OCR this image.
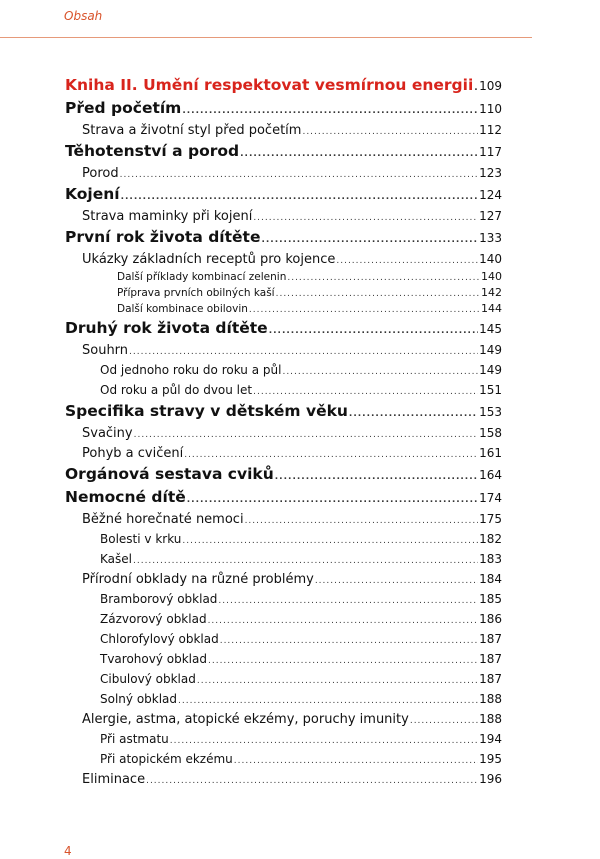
Obsah
Kniha II. Umění respektovat vesmírnou energii ..... 109
Před početím .....	110
Strava a životní styl před početím .....	112
Těhotenství a porod .....	117
Porod .....	123
Kojení .....	124
Strava maminky při kojení .....	127
První rok života dítěte .....	133
Ukázky základních receptů pro kojence .....	140
Další příklady kombinací zelenin .....	140
Příprava prvních obilných kaší .....	142
Další kombinace obilovin .....	144
Druhý rok života dítěte .....	145
Souhrn .....	149
Od jednoho roku do roku a půl .....	149
Od roku a půl do dvou let .....	151
Specifika stravy v dětském věku .....	153
Svačiny .....	158
Pohyb a cvičení .....	161
Orgánová sestava cviků .....	164
Nemocné dítě .....	174
Běžné horečnaté nemoci .....	175
Bolesti v krku .....	182
Kašel .....	183
Přírodní obklady na různé problémy .....	184
Bramborový obklad .....	185
Zázvorový obklad .....	186
Chlorofylový obklad .....	187
Tvarohový obklad .....	187
Cibulový obklad .....	187
Solný obklad .....	188
Alergie, astma, atopické ekzémy, poruchy imunity .....	188
Při astmatu .....	194
Při atopickém ekzému .....	195
Eliminace .....	196
4
